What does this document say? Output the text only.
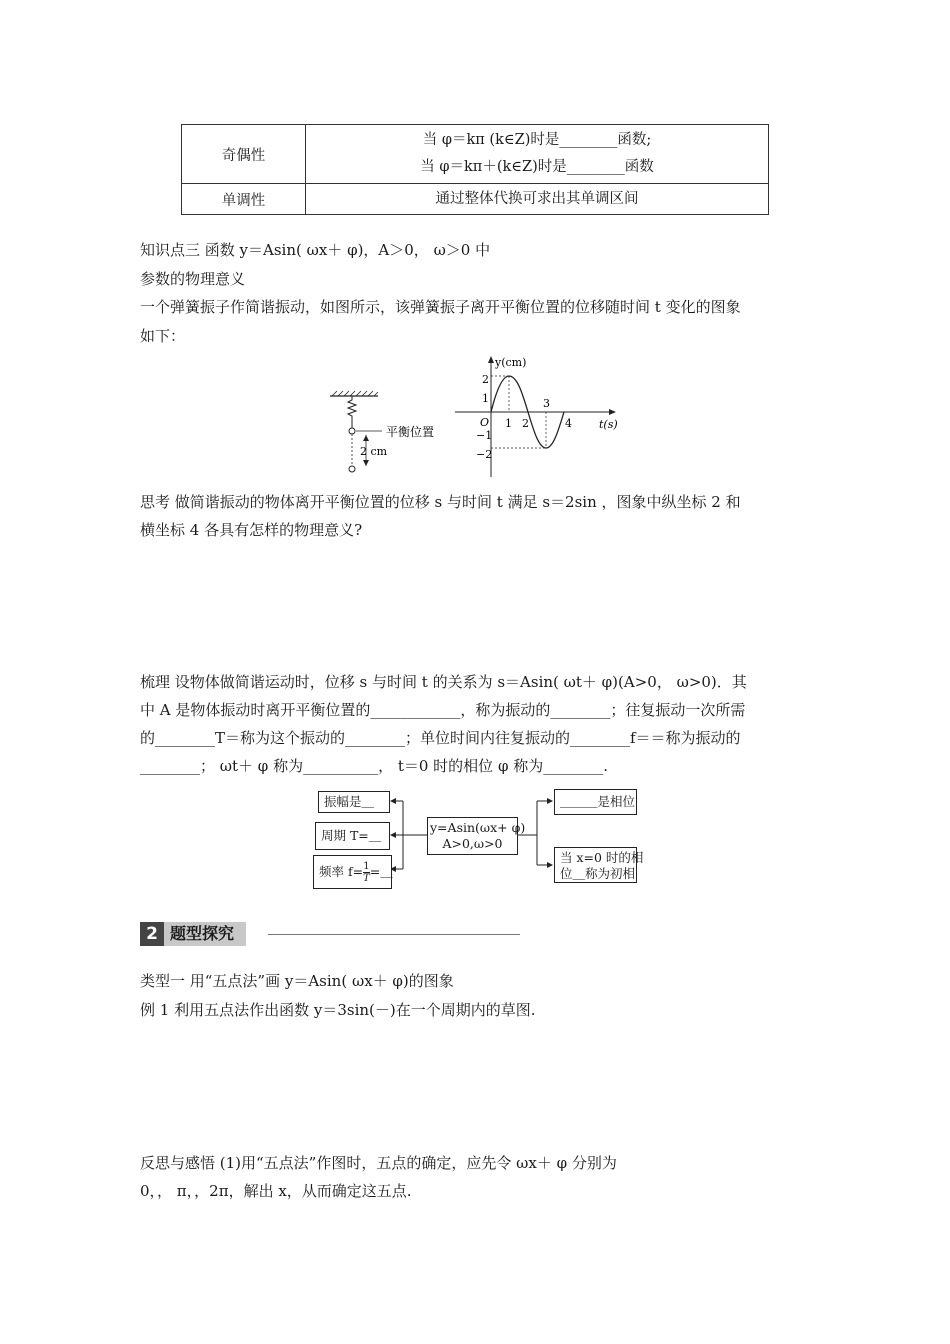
奇偶性	当 φ＝kπ (k∈Z)时是________函数;
当 φ＝kπ＋(k∈Z)时是________函数

单调性	通过整体代换可求出其单调区间
知识点三 函数 y＝Asin( ωx＋ φ)，A＞0， ω＞0 中
参数的物理意义
一个弹簧振子作简谐振动，如图所示，该弹簧振子离开平衡位置的位移随时间 t 变化的图象
如下：
平衡位置
2 cm
y(cm)
t(s)
O
2
1
−1
−2
1 2
3
4
思考 做简谐振动的物体离开平衡位置的位移 s 与时间 t 满足 s＝2sin ，图象中纵坐标 2 和
横坐标 4 各具有怎样的物理意义?
梳理 设物体做简谐运动时，位移 s 与时间 t 的关系为 s＝Asin( ωt＋ φ)(A>0， ω>0)．其
中 A 是物体振动时离开平衡位置的____________，称为振动的________；往复振动一次所需
的________T＝称为这个振动的________；单位时间内往复振动的________f＝＝称为振动的
________； ωt＋ φ 称为__________， t＝0 时的相位 φ 称为________.
振幅是＿
周期 T=＿
频率 $f= \frac{1}{T}$ =＿
y=Asin(ωx+ φ)
A>0,ω>0
＿＿＿是相位
当 x=0 时的相
位＿称为初相
2 题型探究
类型一 用“五点法”画 y＝Asin( ωx＋ φ)的图象
例 1 利用五点法作出函数 y＝3sin(－)在一个周期内的草图.
反思与感悟 (1)用“五点法”作图时，五点的确定，应先令 ωx＋ φ 分别为
0，， π，，2π，解出 x，从而确定这五点.
